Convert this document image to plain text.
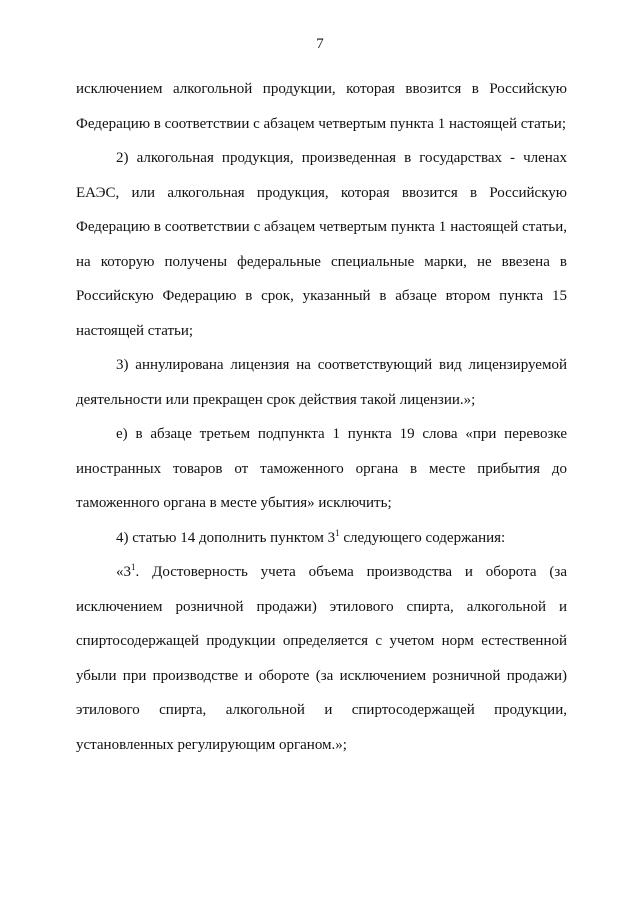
7

исключением алкогольной продукции, которая ввозится в Российскую Федерацию в соответствии с абзацем четвертым пункта 1 настоящей статьи;

2) алкогольная продукция, произведенная в государствах - членах ЕАЭС, или алкогольная продукция, которая ввозится в Российскую Федерацию в соответствии с абзацем четвертым пункта 1 настоящей статьи, на которую получены федеральные специальные марки, не ввезена в Российскую Федерацию в срок, указанный в абзаце втором пункта 15 настоящей статьи;

3) аннулирована лицензия на соответствующий вид лицензируемой деятельности или прекращен срок действия такой лицензии.»;

е) в абзаце третьем подпункта 1 пункта 19 слова «при перевозке иностранных товаров от таможенного органа в месте прибытия до таможенного органа в месте убытия» исключить;

4) статью 14 дополнить пунктом $3^1$ следующего содержания:

«$3^1$. Достоверность учета объема производства и оборота (за исключением розничной продажи) этилового спирта, алкогольной и спиртосодержащей продукции определяется с учетом норм естественной убыли при производстве и обороте (за исключением розничной продажи) этилового спирта, алкогольной и спиртосодержащей продукции, установленных регулирующим органом.»;
